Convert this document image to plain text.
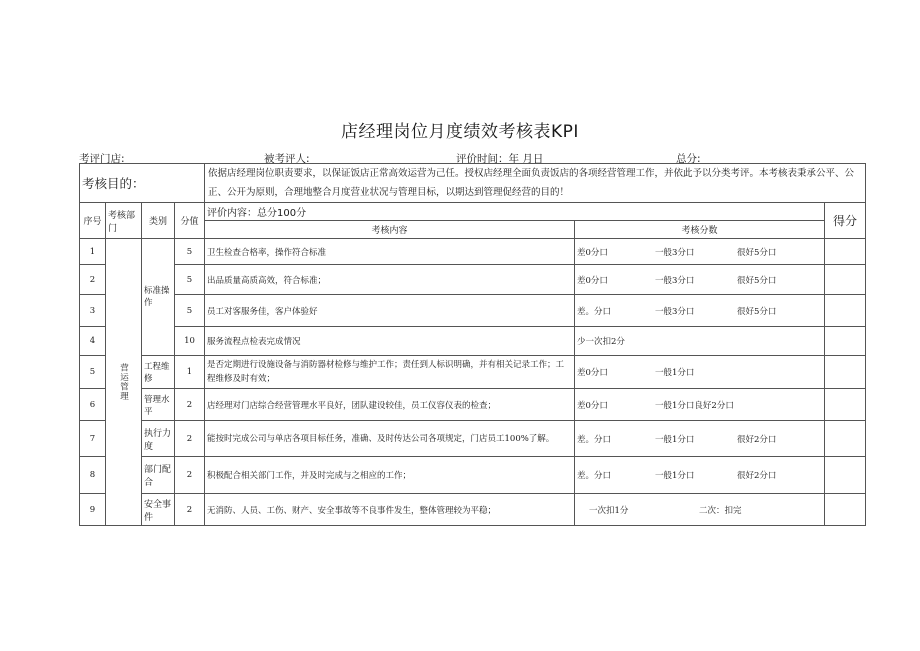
店经理岗位月度绩效考核表KPI
考评门店:	被考评人:	评价时间：年 月日	总分:
考核目的：				依据店经理岗位职责要求，以保证饭店正常高效运营为己任。授权店经理全面负责饭店的各项经营管理工作，并依此予以分类考评。本考核表秉承公平、公正、公开为原则，合理地整合月度营业状况与管理目标，以期达到管理促经营的目的！		
序号	考核部门	类别	分值	评价内容：总分100分		得分
				考核内容	考核分数	
1	营运管理		5	卫生检查合格率，操作符合标准	差0分口 一般3分口 很好5分口	
2		标准操作	5	出品质量高质高效，符合标准；	差0分口 一般3分口 很好5分口	
3			5	员工对客服务佳，客户体验好	差。分口 一般3分口 很好5分口	
4			10	服务流程点检表完成情况	少一次扣2分	
5		工程维修	1	是否定期进行设施设备与消防器材检修与维护工作；责任到人标识明确，并有相关记录工作；工程维修及时有效；	差0分口 一般1分口	
6		管理水平	2	店经理对门店综合经营管理水平良好，团队建设较佳，员工仪容仪表的检查；	差0分口 一般1分口良好2分口	
7		执行力度	2	能按时完成公司与单店各项目标任务，准确、及时传达公司各项规定，门店员工100%了解。	差。分口 一般1分口 很好2分口	
8		部门配合	2	积极配合相关部门工作，并及时完成与之相应的工作；	差。分口 一般1分口 很好2分口	
9		安全事件	2	无消防、人员、工伤、财产、安全事故等不良事件发生，整体管理较为平稳；	一次扣1分 二次：扣完	
